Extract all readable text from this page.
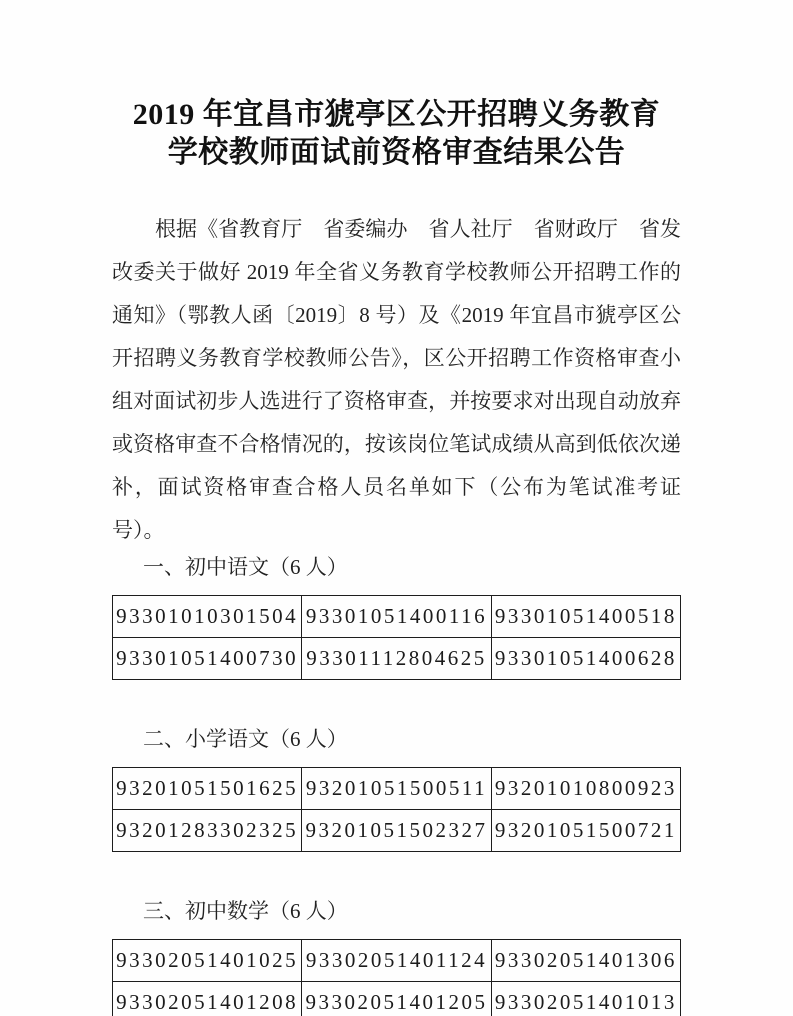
2019 年宜昌市猇亭区公开招聘义务教育
学校教师面试前资格审查结果公告
根据《省教育厅　省委编办　省人社厅　省财政厅　省发改委关于做好 2019 年全省义务教育学校教师公开招聘工作的通知》（鄂教人函〔2019〕8 号）及《2019 年宜昌市猇亭区公开招聘义务教育学校教师公告》，区公开招聘工作资格审查小组对面试初步人选进行了资格审查，并按要求对出现自动放弃或资格审查不合格情况的，按该岗位笔试成绩从高到低依次递补，面试资格审查合格人员名单如下（公布为笔试准考证号）。
一、初中语文（6 人）
93301010301504	93301051400116	93301051400518
93301051400730	93301112804625	93301051400628
二、小学语文（6 人）
93201051501625	93201051500511	93201010800923
93201283302325	93201051502327	93201051500721
三、初中数学（6 人）
93302051401025	93302051401124	93302051401306
93302051401208	93302051401205	93302051401013
